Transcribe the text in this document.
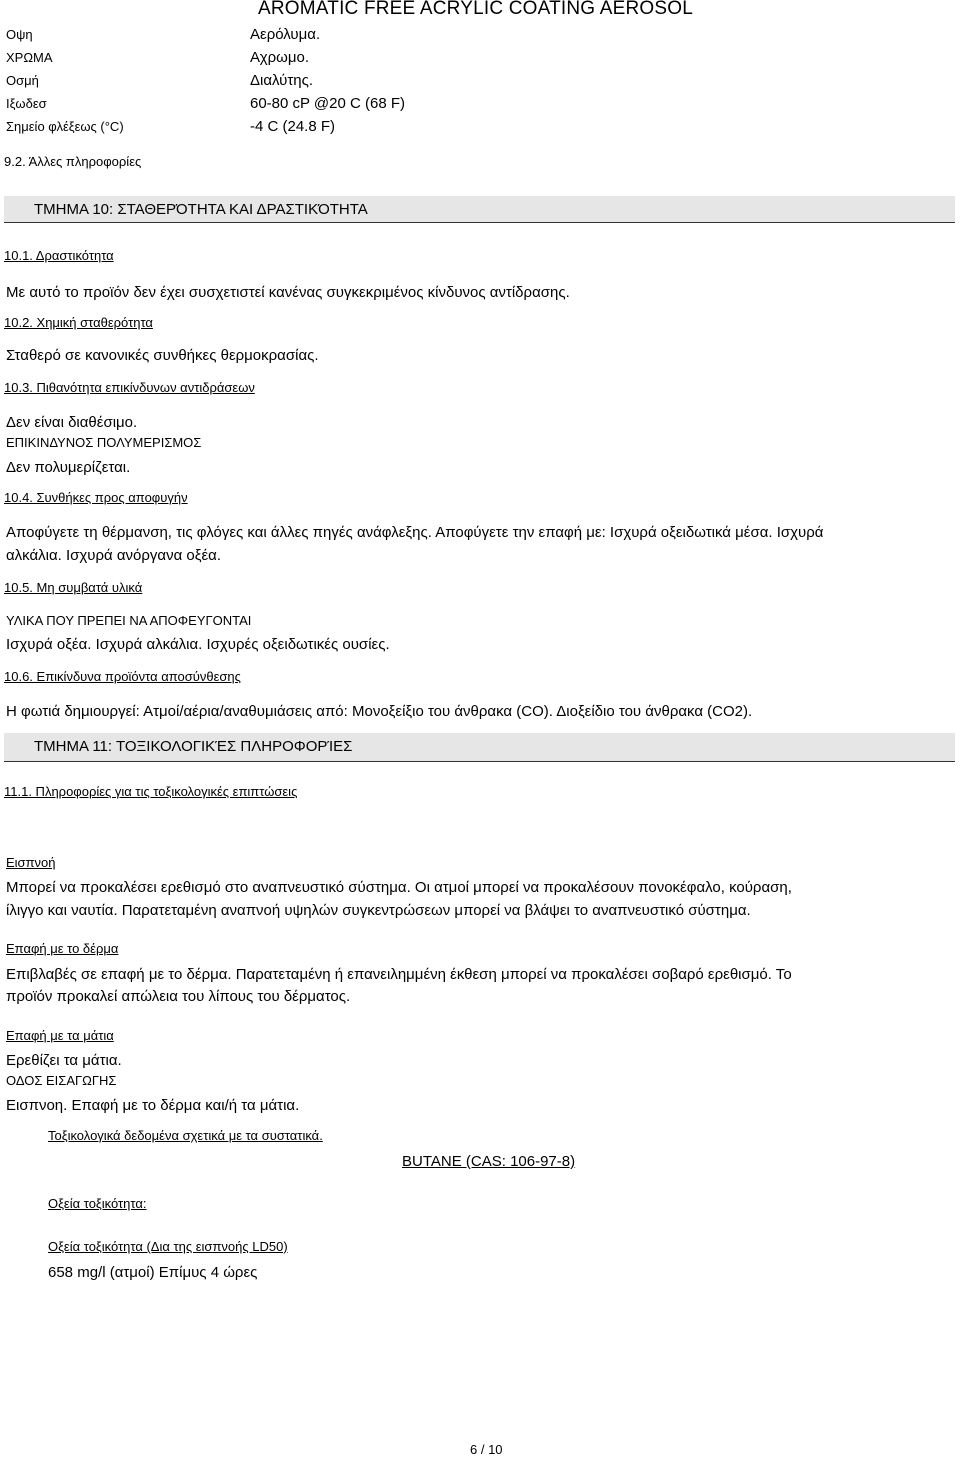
AROMATIC FREE ACRYLIC COATING AEROSOL
Οψη	Αερόλυμα.
ΧΡΩΜΑ	Αχρωμο.
Οσμή	Διαλύτης.
Ιξωδεσ	60-80 cP @20 C (68 F)
Σημείο φλέξεως (°C)	-4 C (24.8 F)
9.2. Άλλες πληροφορίες
ΤΜΗΜΑ 10: ΣΤΑΘΕΡΌΤΗΤΑ ΚΑΙ ΔΡΑΣΤΙΚΌΤΗΤΑ
10.1. Δραστικότητα
Με αυτό το προϊόν δεν έχει συσχετιστεί κανένας συγκεκριμένος κίνδυνος αντίδρασης.
10.2. Χημική σταθερότητα
Σταθερό σε κανονικές συνθήκες θερμοκρασίας.
10.3. Πιθανότητα επικίνδυνων αντιδράσεων
Δεν είναι διαθέσιμο.
ΕΠΙΚΙΝΔΥΝΟΣ ΠΟΛΥΜΕΡΙΣΜΟΣ
Δεν πολυμερίζεται.
10.4. Συνθήκες προς αποφυγήν
Αποφύγετε τη θέρμανση, τις φλόγες και άλλες πηγές ανάφλεξης. Αποφύγετε την επαφή με: Ισχυρά οξειδωτικά μέσα. Ισχυρά
αλκάλια. Ισχυρά ανόργανα οξέα.
10.5. Μη συμβατά υλικά
ΥΛΙΚΑ ΠΟΥ ΠΡΕΠΕΙ ΝΑ ΑΠΟΦΕΥΓΟΝΤΑΙ
Ισχυρά οξέα. Ισχυρά αλκάλια. Ισχυρές οξειδωτικές ουσίες.
10.6. Επικίνδυνα προϊόντα αποσύνθεσης
Η φωτιά δημιουργεί: Ατμοί/αέρια/αναθυμιάσεις από: Μονοξείξιο του άνθρακα (CO). Διοξείδιο του άνθρακα (CO2).
ΤΜΗΜΑ 11: ΤΟΞΙΚΟΛΟΓΙΚΈΣ ΠΛΗΡΟΦΟΡΊΕΣ
11.1. Πληροφορίες για τις τοξικολογικές επιπτώσεις
Εισπνοή
Μπορεί να προκαλέσει ερεθισμό στο αναπνευστικό σύστημα. Οι ατμοί μπορεί να προκαλέσουν πονοκέφαλο, κούραση,
ίλιγγο και ναυτία. Παρατεταμένη αναπνοή υψηλών συγκεντρώσεων μπορεί να βλάψει το αναπνευστικό σύστημα.
Επαφή με το δέρμα
Επιβλαβές σε επαφή με το δέρμα. Παρατεταμένη ή επανειλημμένη έκθεση μπορεί να προκαλέσει σοβαρό ερεθισμό. Το
προϊόν προκαλεί απώλεια του λίπους του δέρματος.
Επαφή με τα μάτια
Ερεθίζει τα μάτια.
ΟΔΟΣ ΕΙΣΑΓΩΓΗΣ
Εισπνοη. Επαφή με το δέρμα και/ή τα μάτια.
Τοξικολογικά δεδομένα σχετικά με τα συστατικά.
BUTANE (CAS: 106-97-8)
Οξεία τοξικότητα:
Οξεία τοξικότητα (Δια της εισπνοής LD50)
658 mg/l (ατμοί) Επίμυς 4 ώρες
6 / 10
